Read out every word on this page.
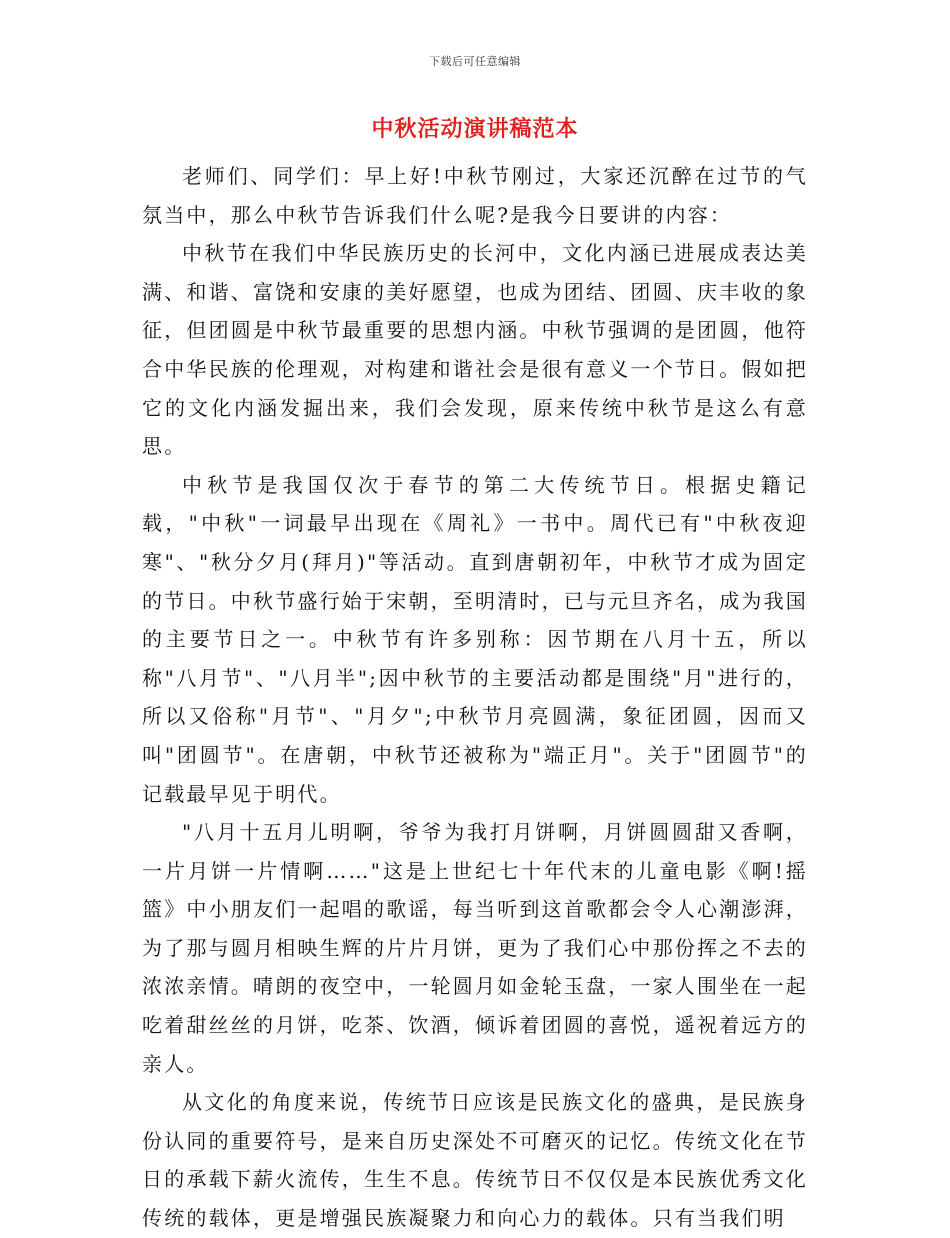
下载后可任意编辑
中秋活动演讲稿范本

老师们、同学们：早上好!中秋节刚过，大家还沉醉在过节的气氛当中，那么中秋节告诉我们什么呢?是我今日要讲的内容：

中秋节在我们中华民族历史的长河中，文化内涵已进展成表达美满、和谐、富饶和安康的美好愿望，也成为团结、团圆、庆丰收的象征，但团圆是中秋节最重要的思想内涵。中秋节强调的是团圆，他符合中华民族的伦理观，对构建和谐社会是很有意义一个节日。假如把它的文化内涵发掘出来，我们会发现，原来传统中秋节是这么有意思。

中秋节是我国仅次于春节的第二大传统节日。根据史籍记载，"中秋"一词最早出现在《周礼》一书中。周代已有"中秋夜迎寒"、"秋分夕月(拜月)"等活动。直到唐朝初年，中秋节才成为固定的节日。中秋节盛行始于宋朝，至明清时，已与元旦齐名，成为我国的主要节日之一。中秋节有许多别称：因节期在八月十五，所以称"八月节"、"八月半";因中秋节的主要活动都是围绕"月"进行的，所以又俗称"月节"、"月夕";中秋节月亮圆满，象征团圆，因而又叫"团圆节"。在唐朝，中秋节还被称为"端正月"。关于"团圆节"的记载最早见于明代。

"八月十五月儿明啊，爷爷为我打月饼啊，月饼圆圆甜又香啊，一片月饼一片情啊……"这是上世纪七十年代末的儿童电影《啊!摇篮》中小朋友们一起唱的歌谣，每当听到这首歌都会令人心潮澎湃，为了那与圆月相映生辉的片片月饼，更为了我们心中那份挥之不去的浓浓亲情。晴朗的夜空中，一轮圆月如金轮玉盘，一家人围坐在一起吃着甜丝丝的月饼，吃茶、饮酒，倾诉着团圆的喜悦，遥祝着远方的亲人。

从文化的角度来说，传统节日应该是民族文化的盛典，是民族身份认同的重要符号，是来自历史深处不可磨灭的记忆。传统文化在节日的承载下薪火流传，生生不息。传统节日不仅仅是本民族优秀文化传统的载体，更是增强民族凝聚力和向心力的载体。只有当我们明
